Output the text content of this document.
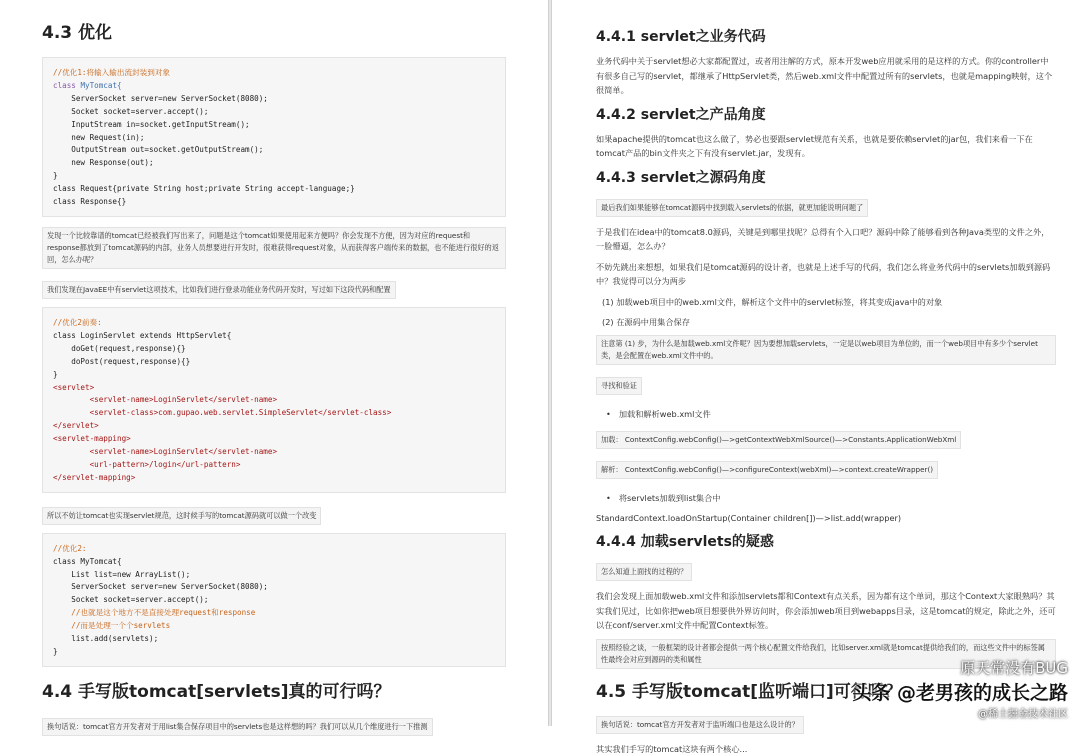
4.3 优化
//优化1:将输入输出流封装到对象
class MyTomcat{
ServerSocket server=new ServerSocket(8080);
Socket socket=server.accept();
InputStream in=socket.getInputStream();
new Request(in);
OutputStream out=socket.getOutputStream();
new Response(out);
}
class Request{private String host;private String accept-language;}
class Response{}
发现一个比较靠谱的tomcat已经被我们写出来了，问题是这个tomcat如果使用起来方便吗？你会发现不方便，因为对应的request和response都放到了tomcat源码的内部，业务人员想要进行开发时，很难获得request对象，从而获得客户端传来的数据，也不能进行很好的返回，怎么办呢？
我们发现在JavaEE中有servlet这项技术，比如我们进行登录功能业务代码开发时，写过如下这段代码和配置
//优化2前奏:
class LoginServlet extends HttpServlet{
doGet(request,response){}
doPost(request,response){}
}
<servlet>
<servlet-name>LoginServlet</servlet-name>
<servlet-class>com.gupao.web.servlet.SimpleServlet</servlet-class>
</servlet>
<servlet-mapping>
<servlet-name>LoginServlet</servlet-name>
<url-pattern>/login</url-pattern>
</servlet-mapping>
所以不妨让tomcat也实现servlet规范，这时候手写的tomcat源码就可以做一个改变
//优化2:
class MyTomcat{
List list=new ArrayList();
ServerSocket server=new ServerSocket(8080);
Socket socket=server.accept();
//也就是这个地方不是直接处理request和response
//而是处理一个个servlets
list.add(servlets);
}
4.4 手写版tomcat[servlets]真的可行吗？
换句话说：tomcat官方开发者对于用list集合保存项目中的servlets也是这样想的吗？我们可以从几个维度进行一下推测
4.4.1 servlet之业务代码

业务代码中关于servlet想必大家都配置过，或者用注解的方式，原本开发web应用就采用的是这样的方式。你的controller中有很多自己写的servlet，都继承了HttpServlet类，然后web.xml文件中配置过所有的servlets，也就是mapping映射，这个很简单。

4.4.2 servlet之产品角度

如果apache提供的tomcat也这么做了，势必也要跟servlet规范有关系，也就是要依赖servlet的jar包，我们来看一下在tomcat产品的bin文件夹之下有没有servlet.jar，发现有。

4.4.3 servlet之源码角度
最后我们如果能够在tomcat源码中找到载入servlets的依据，就更加能说明问题了

于是我们在idea中的tomcat8.0源码，关键是到哪里找呢？总得有个入口吧？源码中除了能够看到各种Java类型的文件之外，一脸懵逼，怎么办？

不妨先跳出来想想，如果我们是tomcat源码的设计者，也就是上述手写的代码，我们怎么将业务代码中的servlets加载到源码中？我觉得可以分为两步

(1) 加载web项目中的web.xml文件，解析这个文件中的servlet标签，将其变成java中的对象
(2) 在源码中用集合保存
注意第 (1) 步，为什么是加载web.xml文件呢？因为要想加载servlets，一定是以web项目为单位的，而一个web项目中有多少个servlet类，是会配置在web.xml文件中的。
寻找和验证
• 加载和解析web.xml文件
加载： ContextConfig.webConfig()—>getContextWebXmlSource()—>Constants.ApplicationWebXml 解析： ContextConfig.webConfig()—>configureContext(webXml)—>context.createWrapper()
• 将servlets加载到list集合中

StandardContext.loadOnStartup(Container children[])—>list.add(wrapper)

4.4.4 加载servlets的疑惑
怎么知道上面找的过程的？

我们会发现上面加载web.xml文件和添加servlets都和Context有点关系，因为都有这个单词，那这个Context大家眼熟吗？其实我们见过，比如你把web项目想要供外界访问时，你会添加web项目到webapps目录，这是tomcat的规定，除此之外，还可以在conf/server.xml文件中配置Context标签。

按照经验之谈，一般框架的设计者都会提供一两个核心配置文件给我们，比如server.xml就是tomcat提供给我们的，而这些文件中的标签属性最终会对应到源码的类和属性
4.5 手写版tomcat[监听端口]可行吗？
换句话说：tomcat官方开发者对于监听端口也是这么设计的？

其实我们手写的tomcat这块有两个核心...

原天常没有BUG
头条 @老男孩的成长之路
@稀土掘金技术社区
